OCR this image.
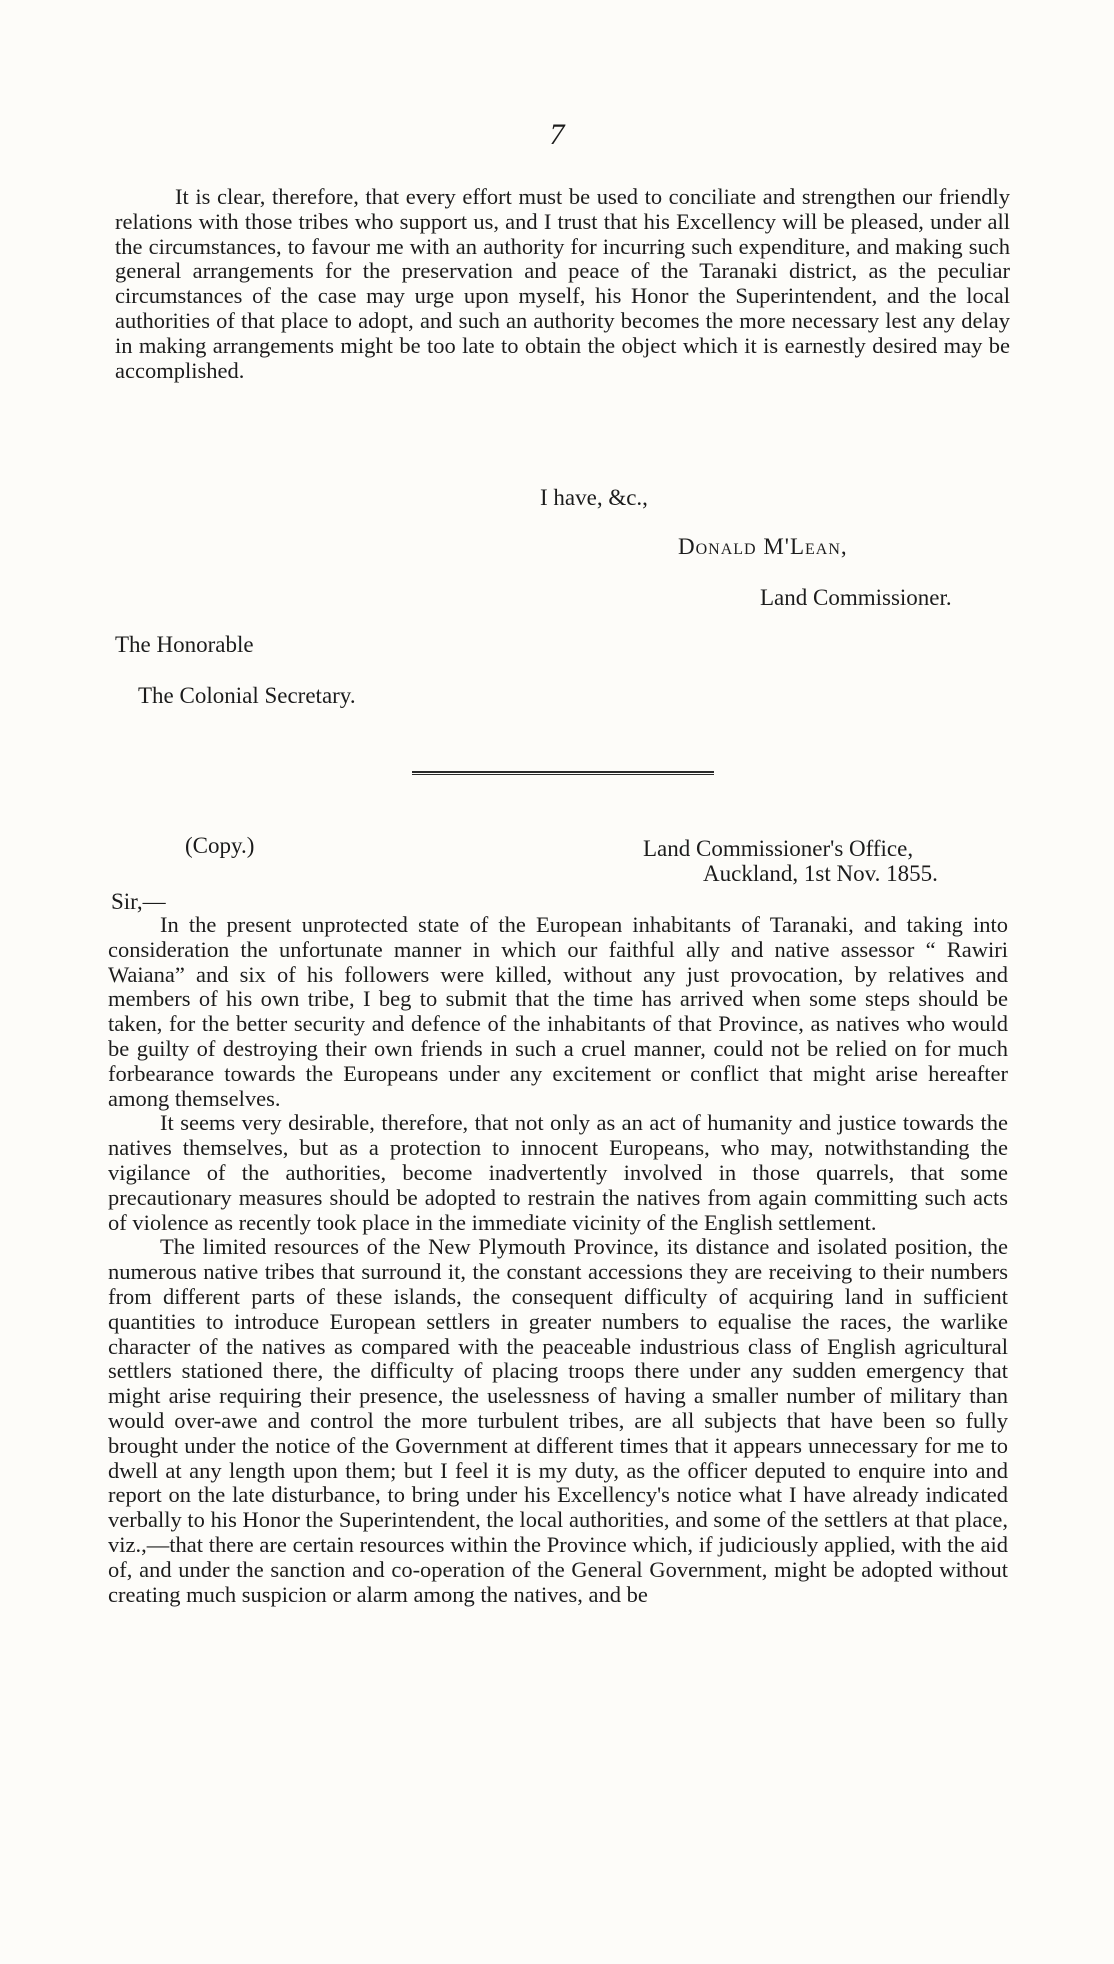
7

It is clear, therefore, that every effort must be used to conciliate and strengthen our friendly relations with those tribes who support us, and I trust that his Excellency will be pleased, under all the circumstances, to favour me with an authority for incurring such expenditure, and making such general arrangements for the preservation and peace of the Taranaki district, as the peculiar circumstances of the case may urge upon myself, his Honor the Superintendent, and the local authorities of that place to adopt, and such an authority becomes the more necessary lest any delay in making arrangements might be too late to obtain the object which it is earnestly desired may be accomplished.

I have, &c.,
Donald M'Lean,
Land Commissioner.
The Honorable
The Colonial Secretary.
(Copy.)	Land Commissioner's Office,
Auckland, 1st Nov. 1855.
Sir,—

In the present unprotected state of the European inhabitants of Taranaki, and taking into consideration the unfortunate manner in which our faithful ally and native assessor “ Rawiri Waiana” and six of his followers were killed, without any just provocation, by relatives and members of his own tribe, I beg to submit that the time has arrived when some steps should be taken, for the better security and defence of the inhabitants of that Province, as natives who would be guilty of destroying their own friends in such a cruel manner, could not be relied on for much forbearance towards the Europeans under any excitement or conflict that might arise hereafter among themselves.

It seems very desirable, therefore, that not only as an act of humanity and justice towards the natives themselves, but as a protection to innocent Europeans, who may, notwithstanding the vigilance of the authorities, become inadvertently involved in those quarrels, that some precautionary measures should be adopted to restrain the natives from again committing such acts of violence as recently took place in the immediate vicinity of the English settlement.

The limited resources of the New Plymouth Province, its distance and isolated position, the numerous native tribes that surround it, the constant accessions they are receiving to their numbers from different parts of these islands, the consequent difficulty of acquiring land in sufficient quantities to introduce European settlers in greater numbers to equalise the races, the warlike character of the natives as compared with the peaceable industrious class of English agricultural settlers stationed there, the difficulty of placing troops there under any sudden emergency that might arise requiring their presence, the uselessness of having a smaller number of military than would over-awe and control the more turbulent tribes, are all subjects that have been so fully brought under the notice of the Government at different times that it appears unnecessary for me to dwell at any length upon them; but I feel it is my duty, as the officer deputed to enquire into and report on the late disturbance, to bring under his Excellency's notice what I have already indicated verbally to his Honor the Superintendent, the local authorities, and some of the settlers at that place, viz.,—that there are certain resources within the Province which, if judiciously applied, with the aid of, and under the sanction and co-operation of the General Government, might be adopted without creating much suspicion or alarm among the natives, and be
